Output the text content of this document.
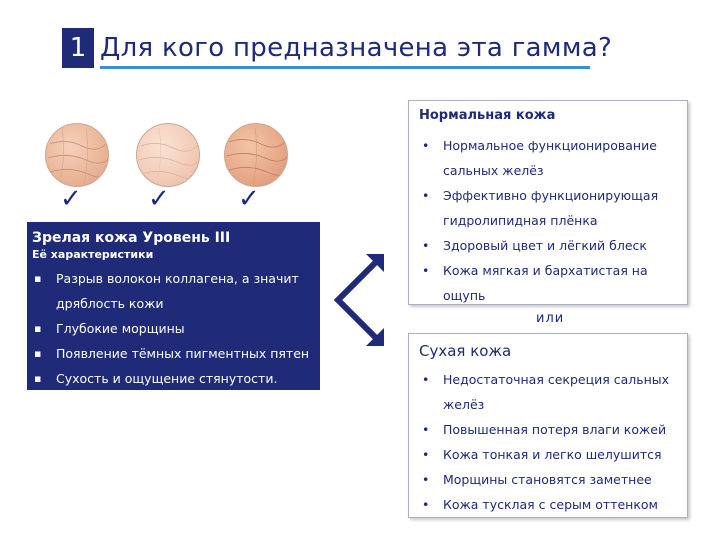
1 Для кого предназначена эта гамма?
✓	✓	✓
Зрелая кожа Уровень III
Её характеристики
▪ Разрыв волокон коллагена, а значит
дряблость кожи
▪ Глубокие морщины
▪ Появление тёмных пигментных пятен
▪ Сухость и ощущение стянутости.
Нормальная кожа
• Нормальное функционирование
сальных желёз
• Эффективно функционирующая
гидролипидная плёнка
• Здоровый цвет и лёгкий блеск
• Кожа мягкая и бархатистая на
ощупь
или
Сухая кожа
• Недостаточная секреция сальных
желёз
• Повышенная потеря влаги кожей
• Кожа тонкая и легко шелушится
• Морщины становятся заметнее
• Кожа тусклая с серым оттенком
